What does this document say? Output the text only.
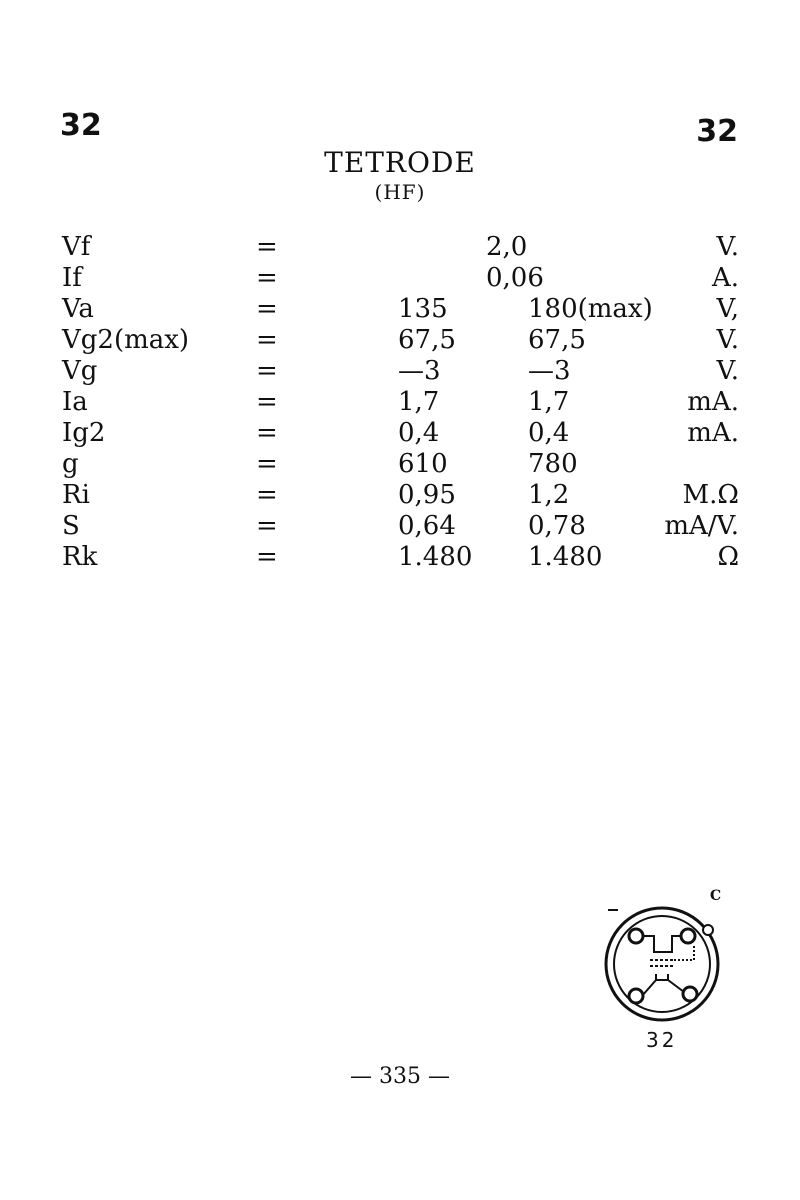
32	32
TETRODE
(HF)
Vf	=	2,0	V.
If	=	0,06	A.
Va	=	135	180(max) V,
Vg2(max)	=	67,5	67,5	V.
Vg	=	—3	—3	V.
Ia	=	1,7	1,7	mA.
Ig2	=	0,4	0,4	mA.
g	=	610	780
Ri	=	0,95	1,2	M.Ω
S	=	0,64	0,78	mA/V.
Rk	=	1.480 1.480	Ω
C
32
— 335 —
